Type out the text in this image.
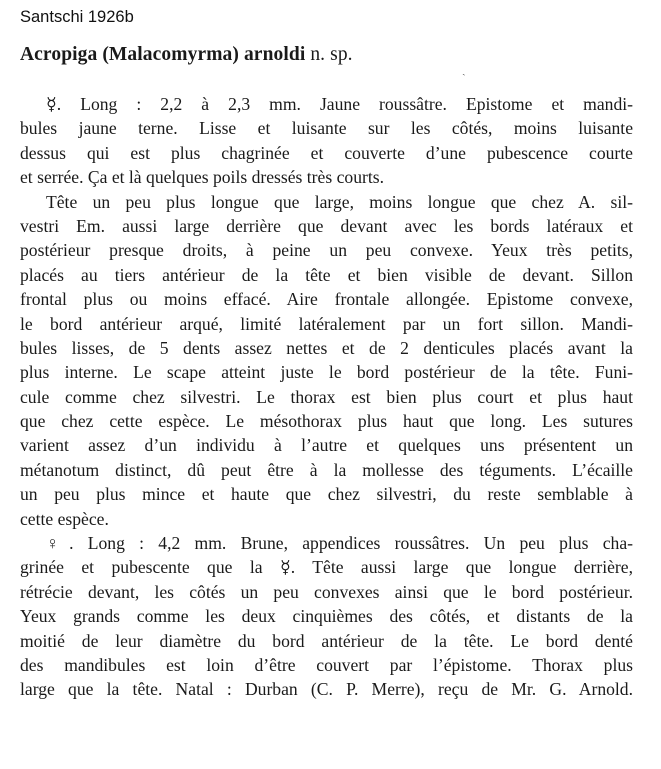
Santschi 1926b
Acropiga (Malacomyrma) arnoldi n. sp.
ˎ
☿. Long : 2,2 à 2,3 mm. Jaune roussâtre. Epistome et mandi-
bules jaune terne. Lisse et luisante sur les côtés, moins luisante
dessus qui est plus chagrinée et couverte d’une pubescence courte
et serrée. Ça et là quelques poils dressés très courts.
Tête un peu plus longue que large, moins longue que chez A. sil-
vestri Em. aussi large derrière que devant avec les bords latéraux et
postérieur presque droits, à peine un peu convexe. Yeux très petits,
placés au tiers antérieur de la tête et bien visible de devant. Sillon
frontal plus ou moins effacé. Aire frontale allongée. Epistome convexe,
le bord antérieur arqué, limité latéralement par un fort sillon. Mandi-
bules lisses, de 5 dents assez nettes et de 2 denticules placés avant la
plus interne. Le scape atteint juste le bord postérieur de la tête. Funi-
cule comme chez silvestri. Le thorax est bien plus court et plus haut
que chez cette espèce. Le mésothorax plus haut que long. Les sutures
varient assez d’un individu à l’autre et quelques uns présentent un
métanotum distinct, dû peut être à la mollesse des téguments. L’écaille
un peu plus mince et haute que chez silvestri, du reste semblable à
cette espèce.
♀. Long : 4,2 mm. Brune, appendices roussâtres. Un peu plus cha-
grinée et pubescente que la ☿. Tête aussi large que longue derrière,
rétrécie devant, les côtés un peu convexes ainsi que le bord postérieur.
Yeux grands comme les deux cinquièmes des côtés, et distants de la
moitié de leur diamètre du bord antérieur de la tête. Le bord denté
des mandibules est loin d’être couvert par l’épistome. Thorax plus
large que la tête. Natal : Durban (C. P. Merre), reçu de Mr. G. Arnold.
